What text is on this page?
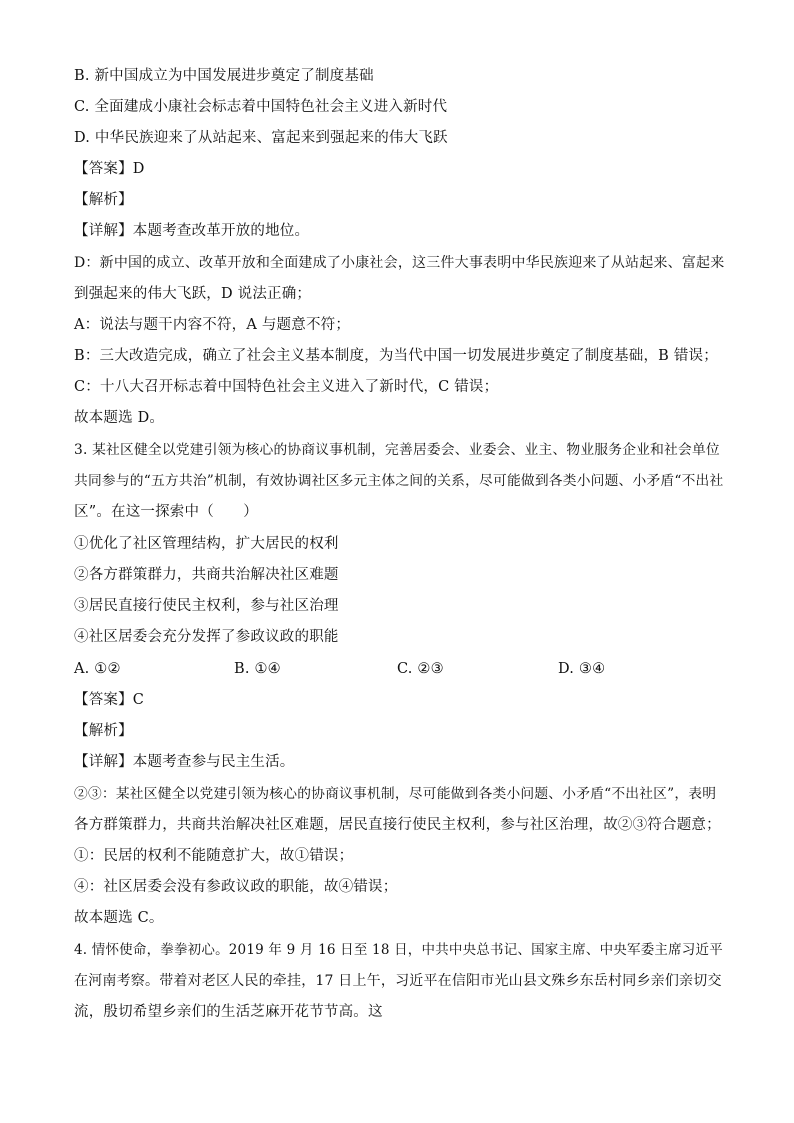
B. 新中国成立为中国发展进步奠定了制度基础
C. 全面建成小康社会标志着中国特色社会主义进入新时代
D. 中华民族迎来了从站起来、富起来到强起来的伟大飞跃
【答案】D
【解析】
【详解】本题考查改革开放的地位。
D：新中国的成立、改革开放和全面建成了小康社会，这三件大事表明中华民族迎来了从站起来、富起来
到强起来的伟大飞跃，D 说法正确；
A：说法与题干内容不符，A 与题意不符；
B：三大改造完成，确立了社会主义基本制度，为当代中国一切发展进步奠定了制度基础，B 错误；
C：十八大召开标志着中国特色社会主义进入了新时代，C 错误；
故本题选 D。
3. 某社区健全以党建引领为核心的协商议事机制，完善居委会、业委会、业主、物业服务企业和社会单位
共同参与的“五方共治”机制，有效协调社区多元主体之间的关系，尽可能做到各类小问题、小矛盾“不出社
区”。在这一探索中（　　）
①优化了社区管理结构，扩大居民的权利
②各方群策群力，共商共治解决社区难题
③居民直接行使民主权利，参与社区治理
④社区居委会充分发挥了参政议政的职能
A. ①②	B. ①④	C. ②③	D. ③④
【答案】C
【解析】
【详解】本题考查参与民主生活。
②③：某社区健全以党建引领为核心的协商议事机制，尽可能做到各类小问题、小矛盾“不出社区”，表明
各方群策群力，共商共治解决社区难题，居民直接行使民主权利，参与社区治理，故②③符合题意；
①：民居的权利不能随意扩大，故①错误；
④：社区居委会没有参政议政的职能，故④错误；
故本题选 C。
4. 情怀使命，拳拳初心。2019 年 9 月 16 日至 18 日，中共中央总书记、国家主席、中央军委主席习近平
在河南考察。带着对老区人民的牵挂，17 日上午，习近平在信阳市光山县文殊乡东岳村同乡亲们亲切交
流，殷切希望乡亲们的生活芝麻开花节节高。这
